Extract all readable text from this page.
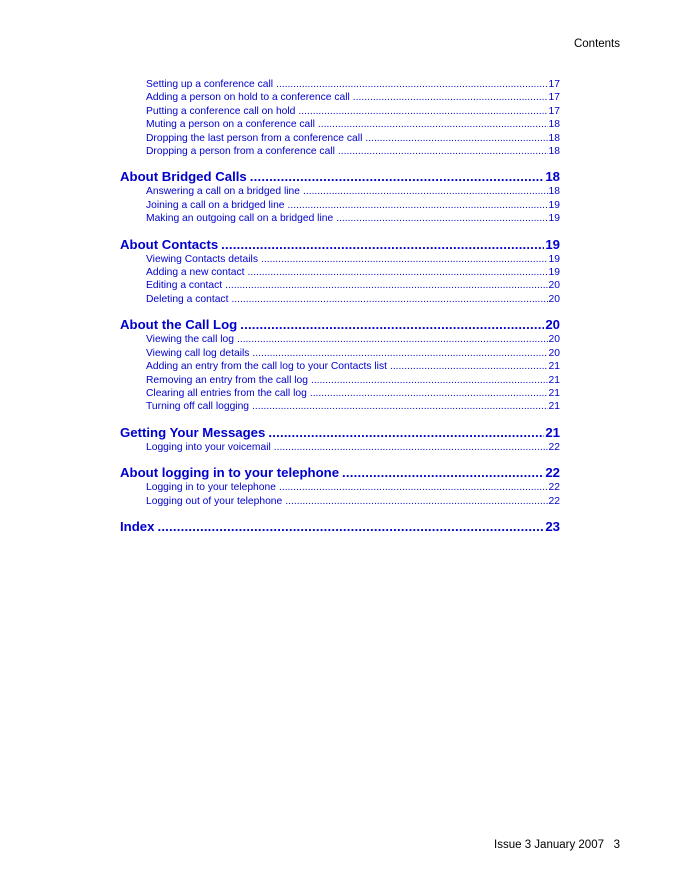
Contents
Setting up a conference call .....	17
Adding a person on hold to a conference call .....	17
Putting a conference call on hold .....	17
Muting a person on a conference call .....	18
Dropping the last person from a conference call .....	18
Dropping a person from a conference call .....	18
About Bridged Calls .....	18
Answering a call on a bridged line .....	18
Joining a call on a bridged line .....	19
Making an outgoing call on a bridged line .....	19
About Contacts .....	19
Viewing Contacts details .....	19
Adding a new contact .....	19
Editing a contact .....	20
Deleting a contact .....	20
About the Call Log .....	20
Viewing the call log .....	20
Viewing call log details .....	20
Adding an entry from the call log to your Contacts list .....	21
Removing an entry from the call log .....	21
Clearing all entries from the call log .....	21
Turning off call logging .....	21
Getting Your Messages .....	21
Logging into your voicemail .....	22
About logging in to your telephone .....	22
Logging in to your telephone .....	22
Logging out of your telephone .....	22
Index .....	23
Issue 3 January 2007 3
